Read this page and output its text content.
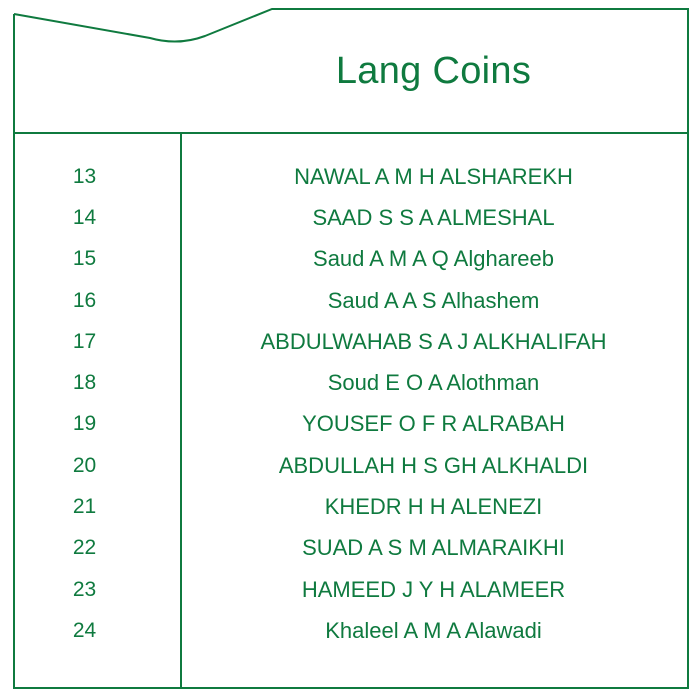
Lang Coins
13	NAWAL A M H ALSHAREKH
14	SAAD S S A ALMESHAL
15	Saud A M A Q Alghareeb
16	Saud A A S Alhashem
17	ABDULWAHAB S A J ALKHALIFAH
18	Soud E O A Alothman
19	YOUSEF O F R ALRABAH
20	ABDULLAH H S GH ALKHALDI
21	KHEDR H H ALENEZI
22	SUAD A S M ALMARAIKHI
23	HAMEED J Y H ALAMEER
24	Khaleel A M A Alawadi
